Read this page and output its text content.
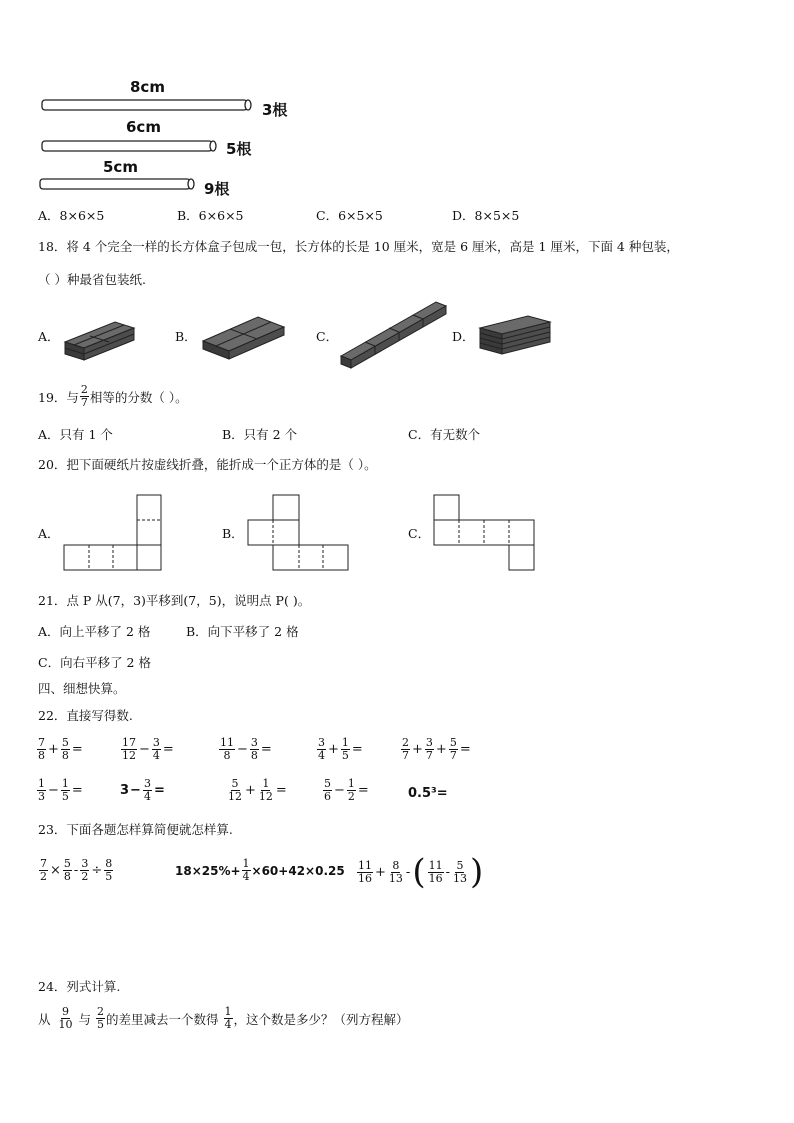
8cm
3根
6cm
5根
5cm
9根
A．8×6×5	B．6×6×5	C．6×5×5	D．8×5×5
18．将 4 个完全一样的长方体盒子包成一包，长方体的长是 10 厘米，宽是 6 厘米，高是 1 厘米，下面 4 种包装，
（ ）种最省包装纸.
A．	B．	C．	D．
19．与 $\frac{2}{7}$ 相等的分数（ ）。
A．只有 1 个	B．只有 2 个	C．有无数个
20．把下面硬纸片按虚线折叠，能折成一个正方体的是（ ）。
A．	B．	C．
21．点 P 从(7，3)平移到(7，5)，说明点 P( )。
A．向上平移了 2 格	B．向下平移了 2 格
C．向右平移了 2 格
四、细想快算。
22．直接写得数.
$\frac{7}{8} + \frac{5}{8}$ =	$\frac{17}{12} - \frac{3}{4}$ =	$\frac{11}{8} - \frac{3}{8}$ =	$\frac{3}{4} + \frac{1}{5}$ =	$\frac{2}{7} + \frac{3}{7} + \frac{5}{7}$ =
$\frac{1}{3} - \frac{1}{5}$ =	$3 - \frac{3}{4}$ =	$\frac{5}{12} + \frac{1}{12}$ =	$\frac{5}{6} - \frac{1}{2}$ =	0.5³=
23．下面各题怎样算简便就怎样算.
$\frac{7}{2} \times \frac{5}{8} - \frac{3}{2} \div \frac{8}{5}$	$18\times 25\%+ \frac{1}{4} \times 60+42\times 0.25 \frac{11}{16} + \frac{8}{13}$ - ( $\frac{11}{16} - \frac{5}{13}$ )
24．列式计算.
从 $\frac{9}{10}$ 与 $\frac{2}{5}$ 的差里减去一个数得 $\frac{1}{4}$ ，这个数是多少？（列方程解）
